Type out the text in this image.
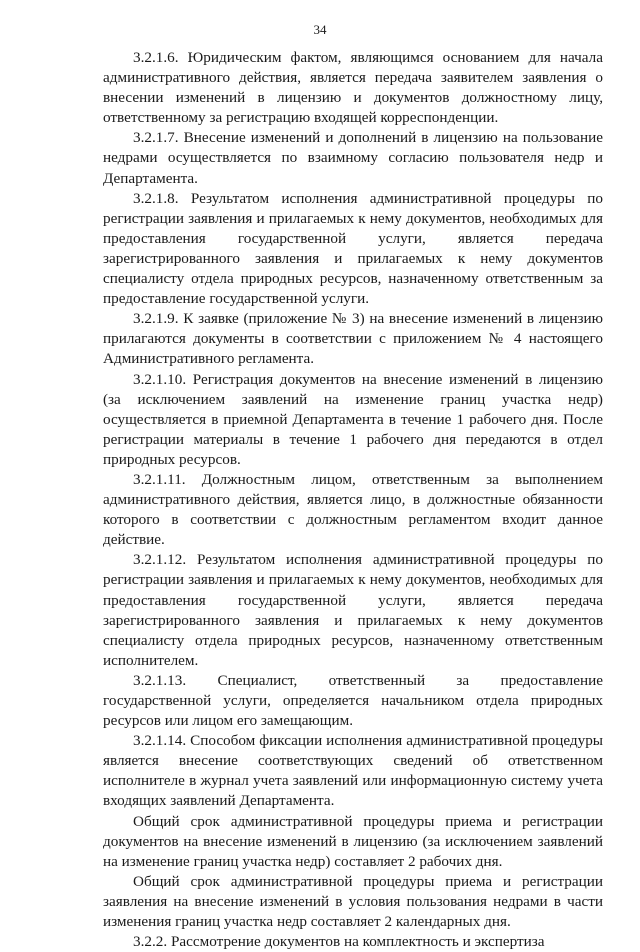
34

3.2.1.6. Юридическим фактом, являющимся основанием для начала административного действия, является передача заявителем заявления о внесении изменений в лицензию и документов должностному лицу, ответственному за регистрацию входящей корреспонденции.

3.2.1.7. Внесение изменений и дополнений в лицензию на пользование недрами осуществляется по взаимному согласию пользователя недр и Департамента.

3.2.1.8. Результатом исполнения административной процедуры по регистрации заявления и прилагаемых к нему документов, необходимых для предоставления государственной услуги, является передача зарегистрированного заявления и прилагаемых к нему документов специалисту отдела природных ресурсов, назначенному ответственным за предоставление государственной услуги.

3.2.1.9. К заявке (приложение № 3) на внесение изменений в лицензию прилагаются документы в соответствии с приложением № 4 настоящего Административного регламента.

3.2.1.10. Регистрация документов на внесение изменений в лицензию (за исключением заявлений на изменение границ участка недр) осуществляется в приемной Департамента в течение 1 рабочего дня. После регистрации материалы в течение 1 рабочего дня передаются в отдел природных ресурсов.

3.2.1.11. Должностным лицом, ответственным за выполнением административного действия, является лицо, в должностные обязанности которого в соответствии с должностным регламентом входит данное действие.

3.2.1.12. Результатом исполнения административной процедуры по регистрации заявления и прилагаемых к нему документов, необходимых для предоставления государственной услуги, является передача зарегистрированного заявления и прилагаемых к нему документов специалисту отдела природных ресурсов, назначенному ответственным исполнителем.

3.2.1.13. Специалист, ответственный за предоставление государственной услуги, определяется начальником отдела природных ресурсов или лицом его замещающим.

3.2.1.14. Способом фиксации исполнения административной процедуры является внесение соответствующих сведений об ответственном исполнителе в журнал учета заявлений или информационную систему учета входящих заявлений Департамента.

Общий срок административной процедуры приема и регистрации документов на внесение изменений в лицензию (за исключением заявлений на изменение границ участка недр) составляет 2 рабочих дня.

Общий срок административной процедуры приема и регистрации заявления на внесение изменений в условия пользования недрами в части изменения границ участка недр составляет 2 календарных дня.

3.2.2. Рассмотрение документов на комплектность и экспертиза
